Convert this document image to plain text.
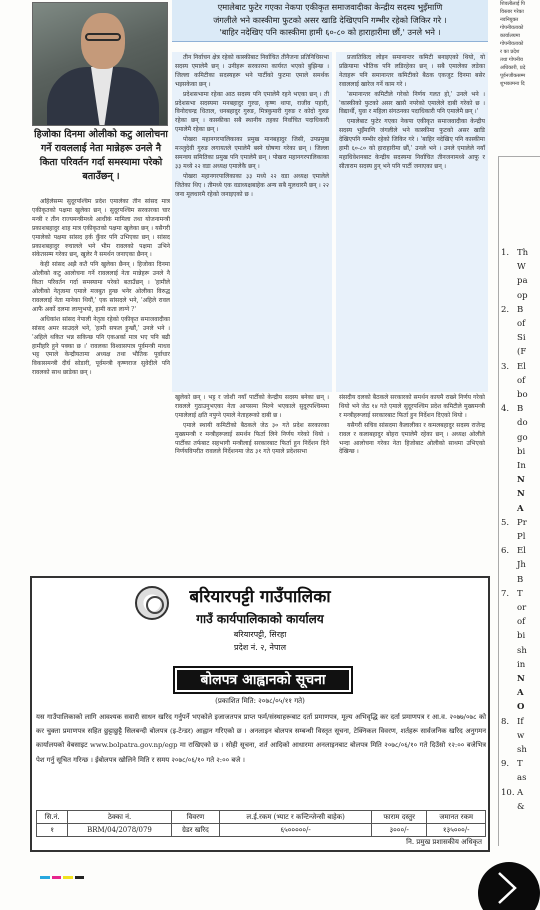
शिवलीलाई पि

विस्तार गरेका

नवनियुक्त

गोपनीयताको

कार्यालयमा

गोपनीयताको

र का प्रदेश

तथा गोपनीय

अधिकारी, प्रदे

पूर्वनजीकसम्म

शुभकामना दि

एमालेबाट फुटेर गएका नेकपा एकीकृत समाजवादीका केन्द्रीय सदस्य भुइँमाणि
जंगलीले भने कास्कीमा फुटको असर खाडि देखिएपनि गम्भीर रहेको जिकिर गरे ।
'बाहिर नदेखिए पनि कास्कीमा हामी ६०-८० को हाराहारीमा छौं,' उनले भने ।
हिजोका दिनमा ओलीको कटु आलोचना गर्ने रावललाई नेता मान्नेहरू उनले नै किता परिवर्तन गर्दा समस्यामा परेको बताउँछन् ।

अहिलेसम्म सुदूरपश्चिम प्रदेश एमालेका तीन सांसद मात्र एकीकृतको पक्षमा खुलेका छन् । सुदूरपश्चिम सरकारका चार मन्त्री र तीन राज्यमन्त्रीमध्ये आधीकं मामिला तथा योजनामन्त्री प्रकाशबहादुर शाह मात्र एकीकृतको पक्षमा खुलेका छन् । यसैगरी एमालेको पक्षमा सांसद हर्क कुँवर पनि उभिएका छन् । सांसद प्रकाशबहादुर रुचालले भने भीम रावलको पक्षमा उभिने संकेतसम्म गरेका छन्, खुलेर नै समर्थन जनाएका छैनन् ।

केही सांसद अझै कतै पनि खुलेका छैनन् । हिजोका दिनमा ओलीको कटु आलोचना गर्ने रावललाई नेता मान्नेहरू उनले नै किता परिवर्तन गर्दा समस्यामा परेको बताउँछन् । 'हामीले ओलीको नेतृत्वमा एमाले मजबुत हुन्छ भनेर ओलीका विरुद्ध रावललाई नेता मानेका थियौं,' एक सांसदले भने, 'अहिले रावल आफैं अर्को दलमा लाग्नुभयो, हामी कता लाग्ने ?'

अधिकांश सांसद नेपाली नेतृत्व रहेको एकीकृत समाजवादीका सांसद अमर साउदले भने, 'हामी सफल हुन्छौं,' उनले भने । 'अहिले थकित भन्न सकिन्छ पनि एकअर्का मात्र भए पनि बढी हामीहरि हुने पक्का छ ।' रावलका विश्वासपात्र पूर्वमन्त्री माधव भट्ट एमाले केन्द्रीयतामा अध्यक्ष तथा भौतिक पूर्वाधार विकासमन्त्री दीर्घ सोडारी, पूर्वमन्त्री कृष्णराज सुवेदीले पनि रावलको साथ छाडेका छन् ।

तीन निर्वाचन क्षेत्र रहेको कास्कीबाट निर्वाचित तीनैजना प्रतिनिधिसभा सदस्य एमालेमै छन् । उनीहरू सरकारमा कार्यरत भएको बुझिन्छ । जिल्ला कमिटीका सदस्यहरू भने पार्टीको फुटमा एमाले समर्थक भइसकेका छन् ।

प्रदेशसभामा रहेका आठ सदस्य पनि एमालेमै रहने भएका छन् । ती प्रदेशसभा सदस्यमा मनबहादुर गुरुङ, कृष्ण थापा, राजीव पहारी, विनोदचन्द्र धिताल, धनबहादुर गुरुङ, मित्रकुमारी गुरुङ र कोदो गुरुङ रहेका छन् । कास्कीका सबै स्थानीय तहका निर्वाचित पदाधिकारी एमालेमै रहेका छन् ।

पोखरा महानगरपालिकाका प्रमुख मानबहादुर जिसी, उपप्रमुख मञ्जुदेवी गुरुङ लगायतले एमालेमै बस्ने घोषणा गरेका छन् । जिल्ला समन्वय समितिका प्रमुख पनि एमालेमै छन् । पोखरा महानगरपालिकाका ३३ मध्ये २२ वडा अध्यक्ष एमालेकै छन् ।

पोखरा महानगरपालिकाका ३३ मध्ये २२ वडा अध्यक्ष एमालेले जितेका थिए । तीमध्ये एक वडाध्यक्षबाहेक अन्य सबै मूलधारमै छन् । २२ जना मूलधारमै रहेको जनाइएको छ ।

खुलेको छन् । भट्ट र जोशी नयाँ पार्टीको केन्द्रीय सदस्य बनेका छन् । रावलले गुठाउनुभएका नेता आपसमा मिल्ने भएकाले सुदूरपश्चिममा एमालेलाई क्षति नपुग्ने एमाले नेताहरूको दाबी छ ।

एमाले स्थायी कमिटीको बैठकले जेठ ३० गते प्रदेश सरकारका मुख्यमन्त्री र मन्त्रीहरूलाई समर्थन फिर्ता लिने निर्णय गरेको थियो । पार्टीका तर्फबाट सहभागी मन्त्रीलाई सरकारबाट फिर्ता हुन निर्देशन दिने निर्णयविपरीत रावलले निर्देशनमा जेठ ३१ गते एमाले प्रदेशसभा

प्रजातिवित्द लोइन समानान्तर कमिटी बनाइएको थियो, यो प्रक्रियामा भौतिक पनि लडिरहेका छन् । सबै एमालेका लडेका नेताहरू पनि समानान्तर कमिटीको बैठक एकजुट दिनमा बसेर रवाललाई खारेज गर्ने काम गरे ।

'समानान्तर कमिटीले गरेको निर्णय गलत हो,' उनले भने । 'कास्कीको फुटको असर खासै नपरेको एमालेले दाबी गरेको छ । विद्यार्थी, युवा र महिला संगठनका पदाधिकारी पनि एमालेमै छन् ।'

एमालेबाट फुटेर गएका नेकपा एकीकृत समाजवादीका केन्द्रीय सदस्य भुइँमाणि जंगलीले भने कास्कीमा फुटको असर खाडि देखिएपनि गम्भीर रहेको जिकिर गरे । 'बाहिर नदेखिए पनि कास्कीमा हामी ६०-८० को हाराहारीमा छौं,' उनले भने । उनले एमालेले नयाँ महाधिवेशनबाट केन्द्रीय सदस्यमा निर्वाचित तीनजनामध्ये आफू र सीताराम सदस्य हुन् भने पनि पार्टी जनाएका छन् ।

संसदीय दलको बैठकले सरकारको समर्थन कायमै राख्ने निर्णय गरेको थियो भने जेठ १४ गते एमाले सुदूरपश्चिम प्रदेश कमिटीले मुख्यमन्त्री र मन्त्रीहरूलाई सरकारबाट फिर्ता हुन निर्देशन दिएको थियो ।

यसैगरी सचिव सांसदमा कैलालीका र कमलबहादुर सदस्य राजेन्द्र रावल र कलाबहादुर बोहरा एमालेमै रहेका छन् । अध्यक्ष ओलीले भन्दा आलोचना गरेका नेता हिजोबाट ओलीको साथमा उभिएको देखिन्छ ।

बरियारपट्टी गाउँपालिका
गाउँ कार्यपालिकाको कार्यालय
बरियारपट्टी, सिरहा
प्रदेश नं. २, नेपाल
बोलपत्र आह्वानको सूचना
(प्रकाशित मिति: २०७८/०५/११ गते)
यस गाउँपालिकाको लागि आवश्यक सवारी साधन खरिद गर्नुपर्ने भएकोले इजाजतपत्र प्राप्त फर्म/संस्थाहरूबाट दर्ता प्रमाणपत्र, मूल्य अभिवृद्धि कर दर्ता प्रमाणपत्र र आ.व. २०७७/०७८ को कर चुक्ता प्रमाणपत्र सहित छुट्टाछुट्टै सिलबन्दी बोलपत्र (इ-टेन्डर) आह्वान गरिएको छ । अनलाइन बोलपत्र सम्बन्धी विस्तृत सूचना, टेक्निकल विवरण, शर्तहरू सार्वजनिक खरिद अनुगमन कार्यालयको वेबसाइट www.bolpatra.gov.np/egp मा राखिएको छ । सोही सूचना, शर्त आदिको आधारमा अनलाइनबाट बोलपत्र मिति २०७८/०६/१० गते दिउँसो १२:०० बजेभित्र पेश गर्नु सूचित गरिन्छ । ईबोलपत्र खोलिने मिति र समय २०७८/०६/१० गते २:०० बजे ।
सि.नं.	ठेक्का नं.	विवरण	ल.ई.रकम (भ्याट र कन्टिन्जेन्सी बाहेक)	फाराम दस्तुर	जमानत रकम
१	BRM/04/2078/079	ग्रेडर खरिद	६५०००००/-	३०००/-	१३५०००/-
नि. प्रमुख प्रशासकीय अधिकृत
1. Th
W
pa
op
2. B
of
Si
(F
3. El
of
bo
4. B
do
go
bi
In
N
N
A
5. Pr
Pl
6. El
Jh
B
7. T
or
of
bi
sh
in
N
A
O
8. If
w
sh
9. T
as
10. A
&
